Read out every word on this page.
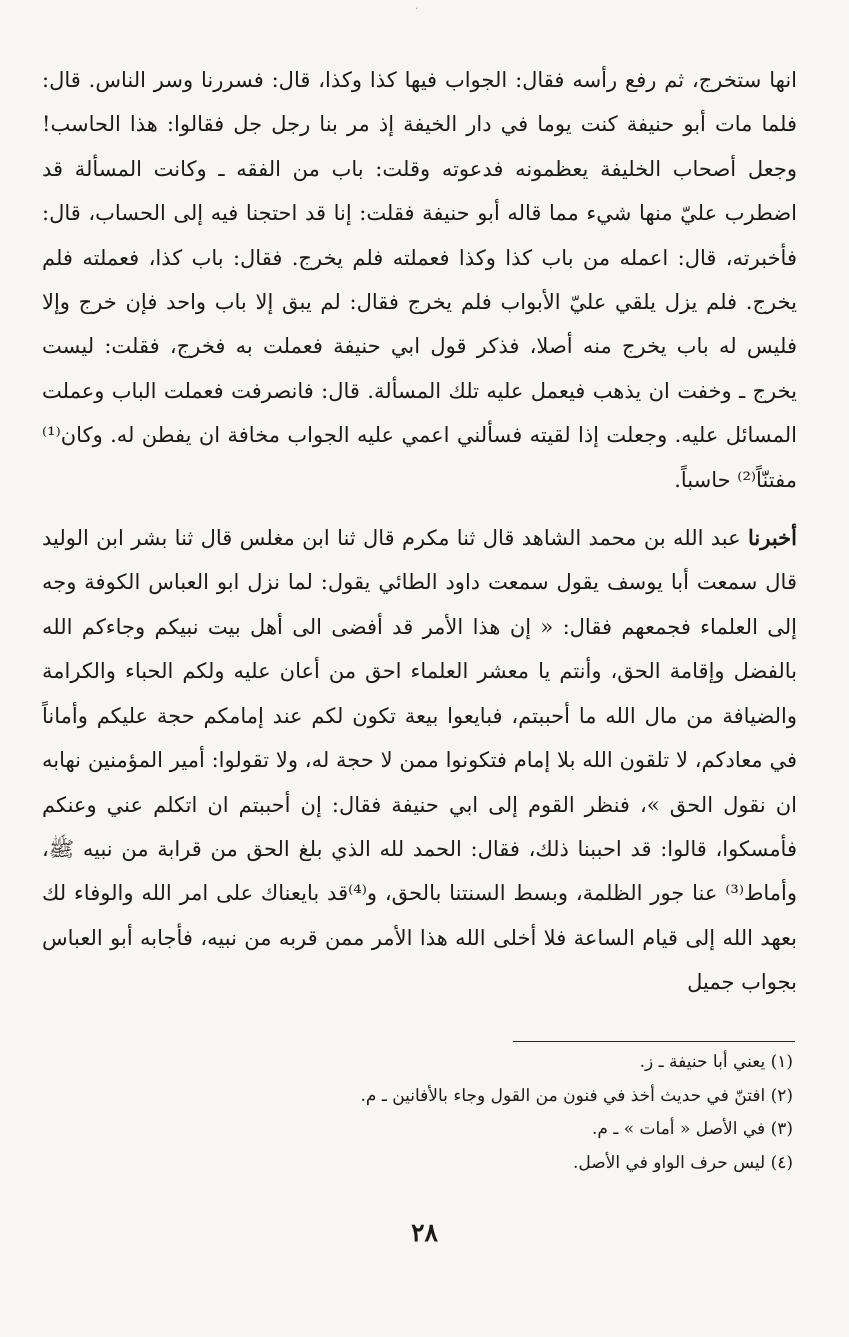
·

انها ستخرج، ثم رفع رأسه فقال: الجواب فيها كذا وكذا، قال: فسررنا وسر الناس. قال: فلما مات أبو حنيفة كنت يوما في دار الخيفة إذ مر بنا رجل جل فقالوا: هذا الحاسب! وجعل أصحاب الخليفة يعظمونه فدعوته وقلت: باب من الفقه ـ وكانت المسألة قد اضطرب عليّ منها شيء مما قاله أبو حنيفة فقلت: إنا قد احتجنا فيه إلى الحساب، قال: فأخبرته، قال: اعمله من باب كذا وكذا فعملته فلم يخرج. فقال: باب كذا، فعملته فلم يخرج. فلم يزل يلقي عليّ الأبواب فلم يخرج فقال: لم يبق إلا باب واحد فإن خرج وإلا فليس له باب يخرج منه أصلا، فذكر قول ابي حنيفة فعملت به فخرج، فقلت: ليست يخرج ـ وخفت ان يذهب فيعمل عليه تلك المسألة. قال: فانصرفت فعملت الباب وعملت المسائل عليه. وجعلت إذا لقيته فسألني اعمي عليه الجواب مخافة ان يفطن له. وكان⁽¹⁾ مفتنّاً⁽²⁾ حاسباً.

أخبرنا عبد الله بن محمد الشاهد قال ثنا مكرم قال ثنا ابن مغلس قال ثنا بشر ابن الوليد قال سمعت أبا يوسف يقول سمعت داود الطائي يقول: لما نزل ابو العباس الكوفة وجه إلى العلماء فجمعهم فقال: « إن هذا الأمر قد أفضى الى أهل بيت نبيكم وجاءكم الله بالفضل وإقامة الحق، وأنتم يا معشر العلماء احق من أعان عليه ولكم الحباء والكرامة والضيافة من مال الله ما أحببتم، فبايعوا بيعة تكون لكم عند إمامكم حجة عليكم وأماناً في معادكم، لا تلقون الله بلا إمام فتكونوا ممن لا حجة له، ولا تقولوا: أمير المؤمنين نهابه ان نقول الحق »، فنظر القوم إلى ابي حنيفة فقال: إن أحببتم ان اتكلم عني وعنكم فأمسكوا، قالوا: قد احببنا ذلك، فقال: الحمد لله الذي بلغ الحق من قرابة من نبيه ﷺ، وأماط⁽³⁾ عنا جور الظلمة، وبسط السنتنا بالحق، و⁽⁴⁾قد بايعناك على امر الله والوفاء لك بعهد الله إلى قيام الساعة فلا أخلى الله هذا الأمر ممن قربه من نبيه، فأجابه أبو العباس بجواب جميل

(١) يعني أبا حنيفة ـ ز.
(٢) افتنّ في حديث أخذ في فنون من القول وجاء بالأفانين ـ م.
(٣) في الأصل « أمات » ـ م.
(٤) ليس حرف الواو في الأصل.
٢٨
